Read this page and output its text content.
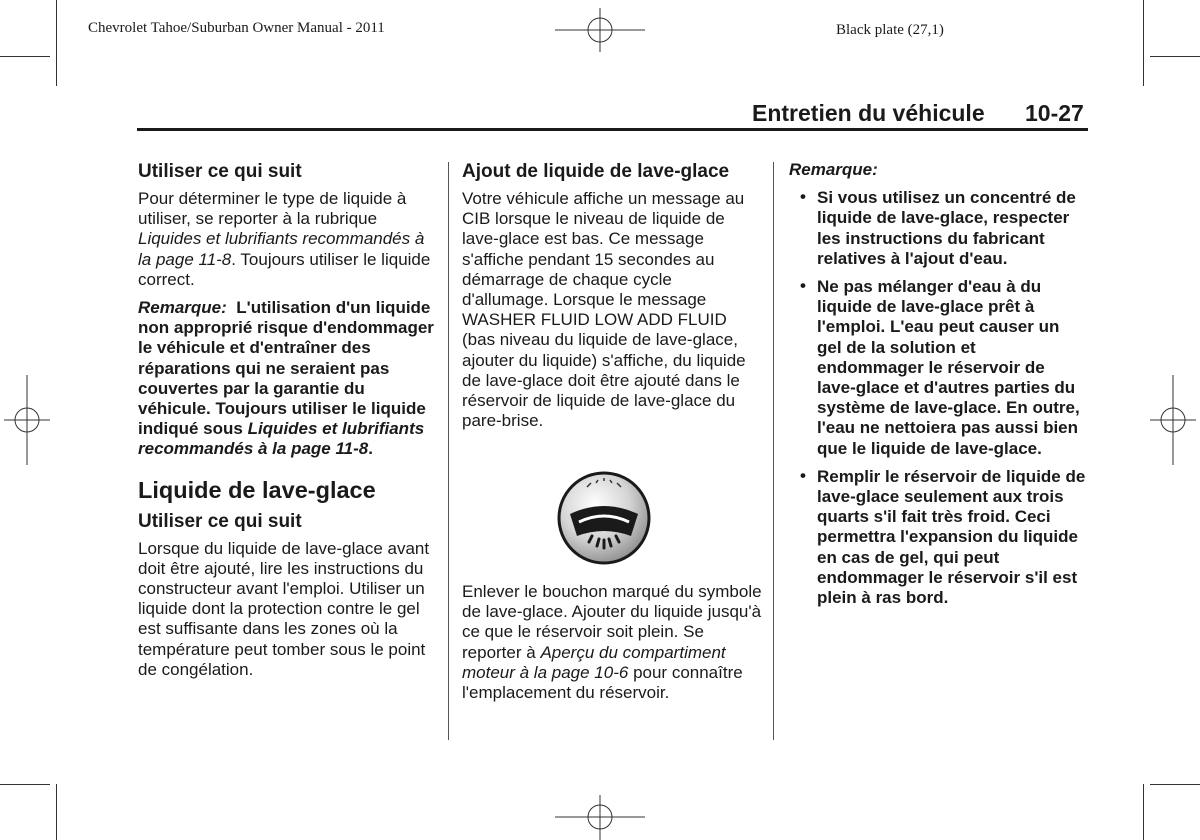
Chevrolet Tahoe/Suburban Owner Manual - 2011	Black plate (27,1)
Entretien du véhicule 10-27

Utiliser ce qui suit

Pour déterminer le type de liquide à utiliser, se reporter à la rubrique Liquides et lubrifiants recommandés à la page 11-8. Toujours utiliser le liquide correct.

Remarque: L'utilisation d'un liquide non approprié risque d'endommager le véhicule et d'entraîner des réparations qui ne seraient pas couvertes par la garantie du véhicule. Toujours utiliser le liquide indiqué sous Liquides et lubrifiants recommandés à la page 11-8.

Liquide de lave-glace

Utiliser ce qui suit

Lorsque du liquide de lave-glace avant doit être ajouté, lire les instructions du constructeur avant l'emploi. Utiliser un liquide dont la protection contre le gel est suffisante dans les zones où la température peut tomber sous le point de congélation.

Ajout de liquide de lave-glace

Votre véhicule affiche un message au CIB lorsque le niveau de liquide de lave-glace est bas. Ce message s'affiche pendant 15 secondes au démarrage de chaque cycle d'allumage. Lorsque le message WASHER FLUID LOW ADD FLUID (bas niveau du liquide de lave-glace, ajouter du liquide) s'affiche, du liquide de lave-glace doit être ajouté dans le réservoir de liquide de lave-glace du pare-brise.

Enlever le bouchon marqué du symbole de lave-glace. Ajouter du liquide jusqu'à ce que le réservoir soit plein. Se reporter à Aperçu du compartiment moteur à la page 10-6 pour connaître l'emplacement du réservoir.

Remarque:

• Si vous utilisez un concentré de liquide de lave-glace, respecter les instructions du fabricant relatives à l'ajout d'eau.
• Ne pas mélanger d'eau à du liquide de lave-glace prêt à l'emploi. L'eau peut causer un gel de la solution et endommager le réservoir de lave-glace et d'autres parties du système de lave-glace. En outre, l'eau ne nettoiera pas aussi bien que le liquide de lave-glace.
• Remplir le réservoir de liquide de lave-glace seulement aux trois quarts s'il fait très froid. Ceci permettra l'expansion du liquide en cas de gel, qui peut endommager le réservoir s'il est plein à ras bord.
